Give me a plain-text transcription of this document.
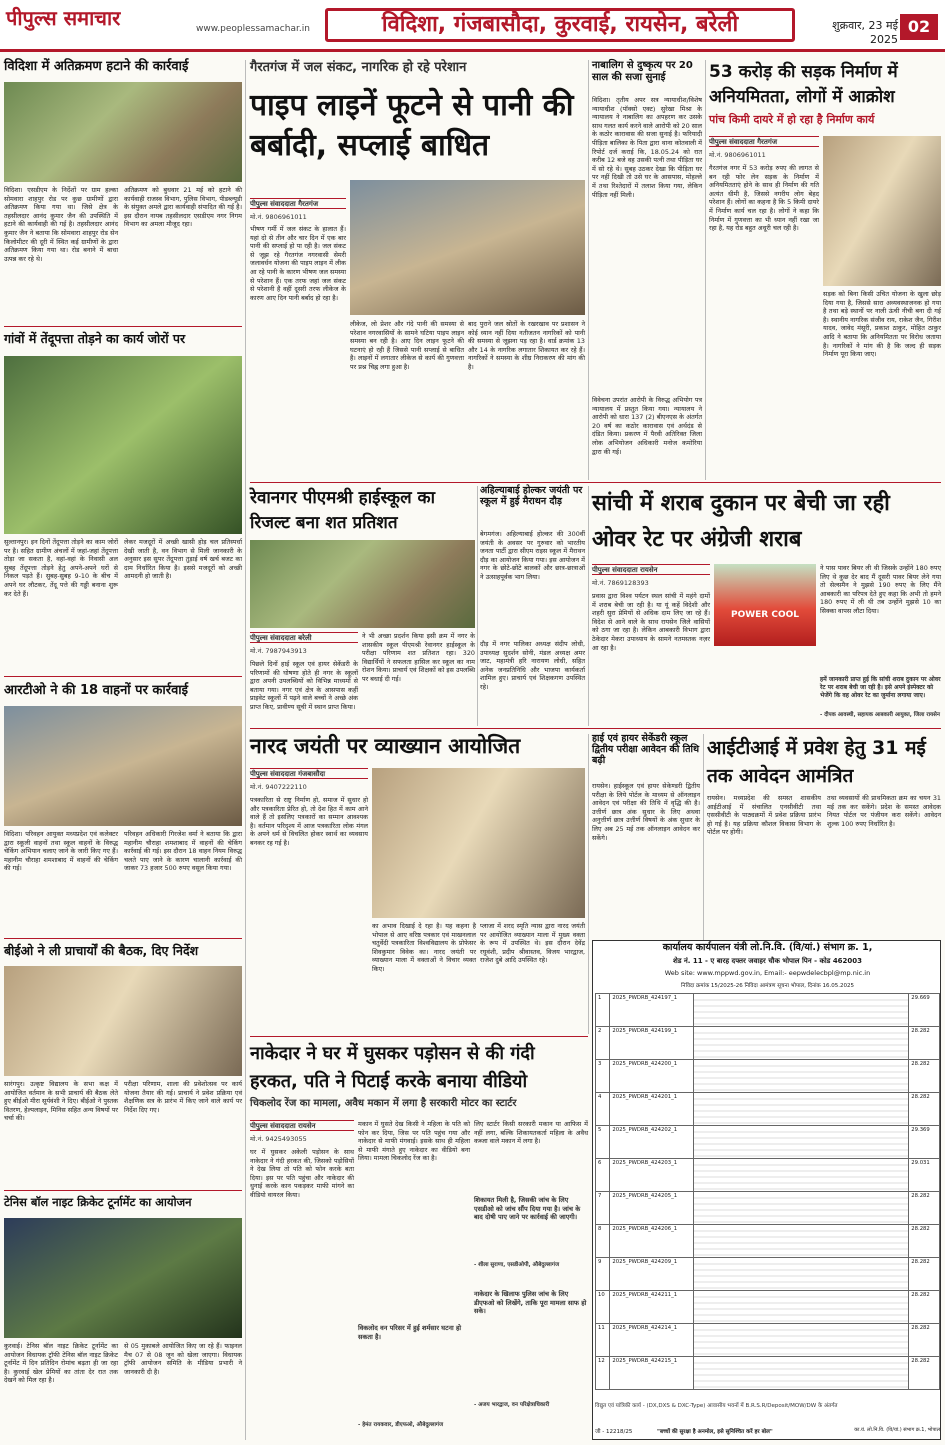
पीपुल्स समाचार	www.peoplessamachar.in	विदिशा, गंजबासौदा, कुरवाई, रायसेन, बरेली	शुक्रवार, 23 मई 2025
02
विदिशा में अतिक्रमण हटाने की कार्रवाई
विदिशा। एसडीएम के निर्देशों पर ग्राम हल्का सोमवारा शाहपुर रोड पर कुछ ग्रामीणों द्वारा अतिक्रमण किया गया था। जिसे क्षेत्र के तहसीलदार आनंद कुमार जैन की उपस्थिति में हटाने की कार्यवाही की गई है। तहसीलदार आनंद कुमार जैन ने बताया कि सोमवारा शाहपुर रोड सेन किलोमीटर की दूरी में स्थित कई ग्रामीणों के द्वारा अतिक्रमण किया गया था। रोड बनाने में बाधा उत्पन्न कर रहे थे।
अतिक्रमण को बुधवार 21 मई को हटाने की कार्यवाही राजस्व विभाग, पुलिस विभाग, पीडब्ल्यूडी के संयुक्त अमले द्वारा कार्यवाही संपादित की गई है। इस दौरान नायब तहसीलदार एसडीएम नगर निगम विभाग का अमला मौजूद रहा।
गांवों में तेंदूपत्ता तोड़ने का कार्य जोरों पर
सुल्तानपुर। इन दिनों तेंदूपत्ता तोड़ने का काम जोरों पर है। सहित ग्रामीण अंचलों में जहां-जहां तेंदूपत्ता तोड़ा जा सकता है, वहां-वहां के निवासी अल सुबह तेंदूपत्ता तोड़ने हेतु अपने-अपने घरों से निकल पड़ते हैं। सुबह-सुबह 9-10 के बीच में अपने घर लौटकर, तेंदू पत्ते की गड्डी बनाना शुरू कर देते हैं।
लेकर मजदूरों में अच्छी खासी होड़ चल प्रतिस्पर्धा देखी जाती है, वन विभाग से मिली जानकारी के अनुसार इस सुपर तेंदूपत्ता तुड़ाई वर्ष खर्च बजट का दाम निर्धारित किया है। इससे मजदूरों को अच्छी आमदनी हो जाती है।
आरटीओ ने की 18 वाहनों पर कार्रवाई
विदिशा। परिवहन आयुक्त मध्यप्रदेश एवं कलेक्टर द्वारा स्कूली वाहनों तथा स्कूल वाहनों के विरुद्ध चेकिंग अभियान चलाए जाने के जारी किए गए हैं। महानीम चौराहा शमशाबाद में वाहनों की चेकिंग की गई।
परिवहन अधिकारी गिरजेश वर्मा ने बताया कि द्वारा महानीम चौराहा शमशाबाद में वाहनों की चेकिंग कार्रवाई की गई। इस दौरान 18 वाहन नियम विरुद्ध चलते पाए जाने के कारण चालानी कार्रवाई की जाकर 73 हजार 500 रुपए वसूल किया गया।
बीईओ ने ली प्राचार्यों की बैठक, दिए निर्देश
सारंगपुर। उत्कृष्ट विद्यालय के सभा कक्ष में आयोजित वर्तमान के सभी प्राचार्य की बैठक लेते हुए बीईओ मीरा सूर्यवंशी ने दिए। बीईओ ने पुस्तक वितरण, हेल्पलाइन, मिनिस सहित अन्य विषयों पर चर्चा की।
परीक्षा परिणाम, शाला की प्रवेशोत्सव पर कार्य योजना तैयार की गई। प्राचार्य ने प्रवेश प्रक्रिया एवं शैक्षणिक सत्र के प्रारंभ में किए जाने वाले कार्य पर निर्देश दिए गए।
टेनिस बॉल नाइट क्रिकेट टूर्नामेंट का आयोजन
कुरवाई। टेनिस बॉल नाइट क्रिकेट टूर्नामेंट का आयोजन विधायक ट्रॉफी टेनिस बॉल नाइट क्रिकेट टूर्नामेंट में दिन प्रतिदिन रोमांच बढ़ता ही जा रहा है। कुरवाई खेल प्रेमियों का तांता देर रात तक देखने को मिल रहा है।
से 05 मुकाबले आयोजित किए जा रहे हैं। फाइनल मैच 07 से 08 जून को खेला जाएगा। विधायक ट्रॉफी आयोजन समिति के मीडिया प्रभारी ने जानकारी दी है।
गैरतगंज में जल संकट, नागरिक हो रहे परेशान
पाइप लाइनें फूटने से पानी की बर्बादी, सप्लाई बाधित
पीपुल्स संवाददाता गैरतगंज
मो.नं. 9806961011
भीषण गर्मी में जल संकट के हालात हैं। यहां दो से तीन और चार दिन में एक बार पानी की सप्लाई हो पा रही है। जल संकट से जूझ रहे गैरतगंज नगरवासी सेमरी जलावर्धन योजना की पाइप लाइन में लीक आ रहे पानी के कारण भीषण जल समस्या से परेशान हैं। एक तरफ जहां जल संकट से परेशानी है वहीं दूसरी तरफ लीकेज के कारण आए दिन पानी बर्बाद हो रहा है।
लीकेज, लो प्रेशर और गंदे पानी की समस्या से परेशान नगरवासियों के सामने घटिया पाइप लाइन समस्या बन रही है। आए दिन लाइन फूटने की घटनाएं हो रही हैं जिससे पानी सप्लाई से बाधित है। लाइनों में लगातार लीकेज से कार्य की गुणवत्ता पर प्रश्न चिह्न लगा हुआ है।
बाद पुराने जल स्रोतों के रखरखाव पर प्रशासन ने कोई ध्यान नहीं दिया नतीजतन नागरिकों को पानी की समस्या से जूझना पड़ रहा है। वार्ड क्रमांक 13 और 14 के नागरिक लगातार शिकायत कर रहे हैं। नागरिकों ने समस्या के शीघ्र निराकरण की मांग की है।
नाबालिग से दुष्कृत्य पर 20 साल की सजा सुनाई
विदिशा। तृतीय अपर सत्र न्यायाधीश/विशेष न्यायाधीश (पॉक्सो एक्ट) सुरेखा मिश्रा के न्यायालय ने नाबालिग का अपहरण कर उसके साथ गलत कार्य करने वाले आरोपी को 20 साल के कठोर कारावास की सजा सुनाई है। फरियादी पीड़िता बालिका के पिता द्वारा थाना कोतवाली में रिपोर्ट दर्ज कराई कि, 18.05.24 को रात करीब 12 बजे वह उसकी पत्नी तथा पीड़िता घर में सो रहे थे। सुबह उठकर देखा कि पीड़िता घर पर नहीं दिखी तो उसे घर के आसपास, मोहल्ले में तथा रिश्तेदारों में तलाश किया गया, लेकिन पीड़िता नहीं मिली।
विवेचना उपरांत आरोपी के विरुद्ध अभियोग पत्र न्यायालय में प्रस्तुत किया गया। न्यायालय ने आरोपी को धारा 137 (2) बीएनएस के अंतर्गत 20 वर्ष का कठोर कारावास एवं अर्थदंड से दंडित किया। प्रकरण में पैरवी अतिरिक्त जिला लोक अभियोजन अधिकारी मनोज कमोरिया द्वारा की गई।
53 करोड़ की सड़क निर्माण में अनियमितता, लोगों में आक्रोश
पांच किमी दायरे में हो रहा है निर्माण कार्य
पीपुल्स संवाददाता गैरतगंज
मो.नं. 9806961011
गैरतगंज नगर में 53 करोड़ रुपए की लागत से बन रही फोर लेन सड़क के निर्माण में अनियमितताएं होने के साथ ही निर्माण की गति अत्यंत धीमी है, जिससे नगरीय लोग बेहद परेशान हैं। लोगों का कहना है कि 5 किमी दायरे में निर्माण कार्य चल रहा है। लोगों ने कहा कि निर्माण में गुणवत्ता का भी ध्यान नहीं रखा जा रहा है, यह रोड बहुत अधूरी चल रही है।
सड़क को बिना किसी उचित योजना के खुला छोड़ दिया गया है, जिससे सारा अव्यवस्थाजनक हो गया है तथा बड़े स्थानों पर नाली ऊंची नीची बना दी गई है। स्थानीय नागरिक संजीव राय, राकेश जैन, गिरीश यादव, जावेद मंसूरी, प्रकाश ठाकुर, मोहित ठाकुर आदि ने बताया कि अनियमितता पर विरोध जताया है। नागरिकों ने मांग की है कि जल्द ही सड़क निर्माण पूरा किया जाए।
रेवानगर पीएमश्री हाईस्कूल का रिजल्ट बना शत प्रतिशत
पीपुल्स संवाददाता बरेली
मो.नं. 7987943913
पिछले दिनों हाई स्कूल एवं हायर सेकेंडरी के परिणामों की घोषणा होते ही नगर के स्कूलों द्वारा अपनी उपलब्धियों को विभिन्न माध्यमों से बताया गया। नगर एवं क्षेत्र के आसपास कहीं प्राइवेट स्कूलों में पढ़ने वाले बच्चों ने अच्छे अंक प्राप्त किए, प्रावीण्य सूची में स्थान प्राप्त किया।
ने भी अच्छा प्रदर्शन किया इसी क्रम में नगर के शासकीय स्कूल पीएमश्री रेवानगर हाईस्कूल के परीक्षा परिणाम शत प्रतिशत रहा। 320 विद्यार्थियों ने सफलता हासिल कर स्कूल का नाम रोशन किया। प्राचार्य एवं शिक्षकों को इस उपलब्धि पर बधाई दी गई।
अहिल्याबाई होल्कर जयंती पर स्कूल में हुई मैराथन दौड़
बेगमगंज। अहिल्याबाई होल्कर की 300वीं जयंती के अवसर पर गुरुवार को भारतीय जनता पार्टी द्वारा सीएम राइस स्कूल में मैराथन दौड़ का आयोजन किया गया। इस आयोजन में नगर के छोटे-छोटे बालकों और छात्र-छात्राओं ने उत्साहपूर्वक भाग लिया।
दौड़ में नगर पालिका अध्यक्ष संदीप लोधी, उपाध्यक्ष सुदर्शन सोनी, मंडल अध्यक्ष अमर जाट, महामंत्री हरि नारायण लोधी, सहित अनेक जनप्रतिनिधि और भाजपा कार्यकर्ता शामिल हुए। प्राचार्य एवं शिक्षकगण उपस्थित रहे।
सांची में शराब दुकान पर बेची जा रही ओवर रेट पर अंग्रेजी शराब
पीपुल्स संवाददाता रायसेन
मो.नं. 7869128393
प्रवास द्वारा विश्व पर्यटन स्थल सांची में महंगे दामों में शराब बेची जा रही है। या यूं कहें विदेशी और शहरी सुरा प्रेमियों से अधिक दाम लिए जा रहे हैं। विदेश से आने वाले के साथ रायसेन जिले वासियों को ठगा जा रहा है। लेकिन आबकारी विभाग द्वारा ठेकेदार मेकरा उपाध्याय के सामने नतमस्तक नज़र आ रहा है।
POWER COOL
ने पास पावर बियर ली थी जिसके उन्होंने 180 रुपए लिए थे कुछ देर बाद मैं दूसरी पावर बियर लेने गया तो सेल्समैन ने मुझसे 190 रुपए के लिए मैंने आबकारी का परिपत्र देते हुए कहा कि अभी तो हमने 180 रुपए में ली थी तब उन्होंने मुझसे 10 का सिक्का वापस लौटा दिया।
हमें जानकारी प्राप्त हुई कि सांची शराब दुकान पर ओवर रेट पर शराब बेची जा रही है। इसे अपने इंस्पेक्टर को भेजेंगे कि वह ओवर रेट का जुर्माना लगाया जाए।
- दीपक आवस्थी, सहायक आबकारी आयुक्त, जिला रायसेन
नारद जयंती पर व्याख्यान आयोजित
पीपुल्स संवाददाता गंजबासौदा
मो.नं. 9407222110
पत्रकारिता से राष्ट्र निर्माण हो, समाज में सुधार हो और पत्रकारिता प्रेरित हो, तो देश हित में काम आने वाले हैं तो इसलिए पत्रकारों का सम्मान आवश्यक है। वर्तमान परिदृश्य में आज पत्रकारिता लोक मंगल के अपने धर्म से विचलित होकर स्वार्थ का व्यवसाय बनकर रह गई है।
का अभाव दिखाई दे रहा है। यह कहना है भोपाल से आए वरिष्ठ पत्रकार एवं माखनलाल चतुर्वेदी पत्रकारिता विश्वविद्यालय के प्रोफेसर शिवकुमार विवेक का। नारद जयंती पर व्याख्यान माला में वक्ताओं ने विचार व्यक्त किए।
प्लाजा में शरद स्मृति न्यास द्वारा नारद जयंती पर आयोजित व्याख्यान माला में मुख्य वक्ता के रूप में उपस्थित थे। इस दौरान देवेंद्र रघुवंशी, प्रदीप श्रीवास्तव, विजय भारद्वाज, राजेश दुबे आदि उपस्थित रहे।
हाई एवं हायर सेकेंडरी स्कूल द्वितीय परीक्षा आवेदन की तिथि बढ़ी
रायसेन। हाईस्कूल एवं हायर सेकेण्डरी द्वितीय परीक्षा के लिये पोर्टल के माध्यम से ऑनलाइन आवेदन एवं परीक्षा की तिथि में वृद्धि की है। उत्तीर्ण छात्र अंक सुधार के लिए अथवा अनुत्तीर्ण छात्र उत्तीर्ण विषयों के अंक सुधार के लिए अब 25 मई तक ऑनलाइन आवेदन कर सकेंगे।
आईटीआई में प्रवेश हेतु 31 मई तक आवेदन आमंत्रित
रायसेन। मध्यप्रदेश की समस्त शासकीय आईटीआई में संचालित एनसीवीटी तथा एससीवीटी के पाठ्यक्रमों में प्रवेश प्रक्रिया प्रारंभ हो गई है। यह प्रक्रिया कौशल विकास विभाग के पोर्टल पर होगी।
तथा व्यवसायों की प्राथमिकता क्रम का चयन 31 मई तक कर सकेंगे। प्रदेश के समस्त आवेदक नियत पोर्टल पर पंजीयन करा सकेंगे। आवेदन शुल्क 100 रुपए निर्धारित है।
कार्यालय कार्यपालन यंत्री लो.नि.वि. (वि/यां.) संभाग क्र. 1,
शेड नं. 11 - ए बारह दफ्तर जवाहर चौक भोपाल पिन - कोड 462003
Web site: www.mppwd.gov.in, Email:- eepwdelecbpl@mp.nic.in
निविदा क्रमांक 15/2025-26 निविदा आमंत्रण सूचना भोपाल, दिनांक 16.05.2025
1	2025_PWDRB_424197_1		29.669
2	2025_PWDRB_424199_1		28.282
3	2025_PWDRB_424200_1		28.282
4	2025_PWDRB_424201_1		28.282
5	2025_PWDRB_424202_1		29.369
6	2025_PWDRB_424203_1		29.031
7	2025_PWDRB_424205_1		28.282
8	2025_PWDRB_424206_1		28.282
9	2025_PWDRB_424209_1		28.282
10	2025_PWDRB_424211_1		28.282
11	2025_PWDRB_424214_1		28.282
12	2025_PWDRB_424215_1		28.282
विद्युत एवं यांत्रिकी कार्य - (DX,DXS & DXC-Type) आवासीय भवनों में B.R.S.R/Deposit/MOW/DW के अंतर्गत
जी - 12218/25	"बच्चों की सुरक्षा है अनमोल, इसे सुनिश्चित करें हर बोल"	का.यं. लो.नि.वि. (वि/यां.) संभाग क्र.1, भोपाल
नाकेदार ने घर में घुसकर पड़ोसन से की गंदी हरकत, पति ने पिटाई करके बनाया वीडियो
चिकलोद रेंज का मामला, अवैध मकान में लगा है सरकारी मोटर का स्टार्टर
पीपुल्स संवाददाता रायसेन
मो.नं. 9425493055
घर में घुसकर अकेली पड़ोसन के साथ नाकेदार ने गंदी हरकत की, जिसको पड़ोसियों ने देख लिया तो पति को फोन करके बता दिया। इस पर पति पहुंचा और नाकेदार की धुनाई करके कान पकड़कर माफी मांगने का वीडियो वायरल किया।
मकान में घुसते देख किसी ने महिला के पति को फोन कर दिया, जिस पर पति पहुंच गया और नाकेदार से माफी मंगवाई। इसके साथ ही महिला से माफी मंगाते हुए नाकेदार का वीडियो बना लिया। मामला चिकलोद रेंज का है।
विकलोद वन परिसर में हुई शर्मसार घटना हो सकता है।
- हेमंत रायकवार, डीएफओ, औबेदुल्लागंज
लिए स्टार्टर किसी सरकारी मकान या आफिस में नहीं लगा, बल्कि शिकायतकर्ता महिला के अवैध कब्जा वाले मकान में लगा है।
शिकायत मिली है, जिसकी जांच के लिए एसडीओ को जांच सौंप दिया गया है। जांच के बाद दोषी पाए जाने पर कार्रवाई की जाएगी।
- शीला सुराणा, एसडीओपी, औबेदुल्लागंज
नाकेदार के खिलाफ पुलिस जांच के लिए डीएफओ को लिखेंगे, ताकि पूरा मामला साफ हो सके।
- अजय भारद्वाज, वन परिक्षेत्राधिकारी
